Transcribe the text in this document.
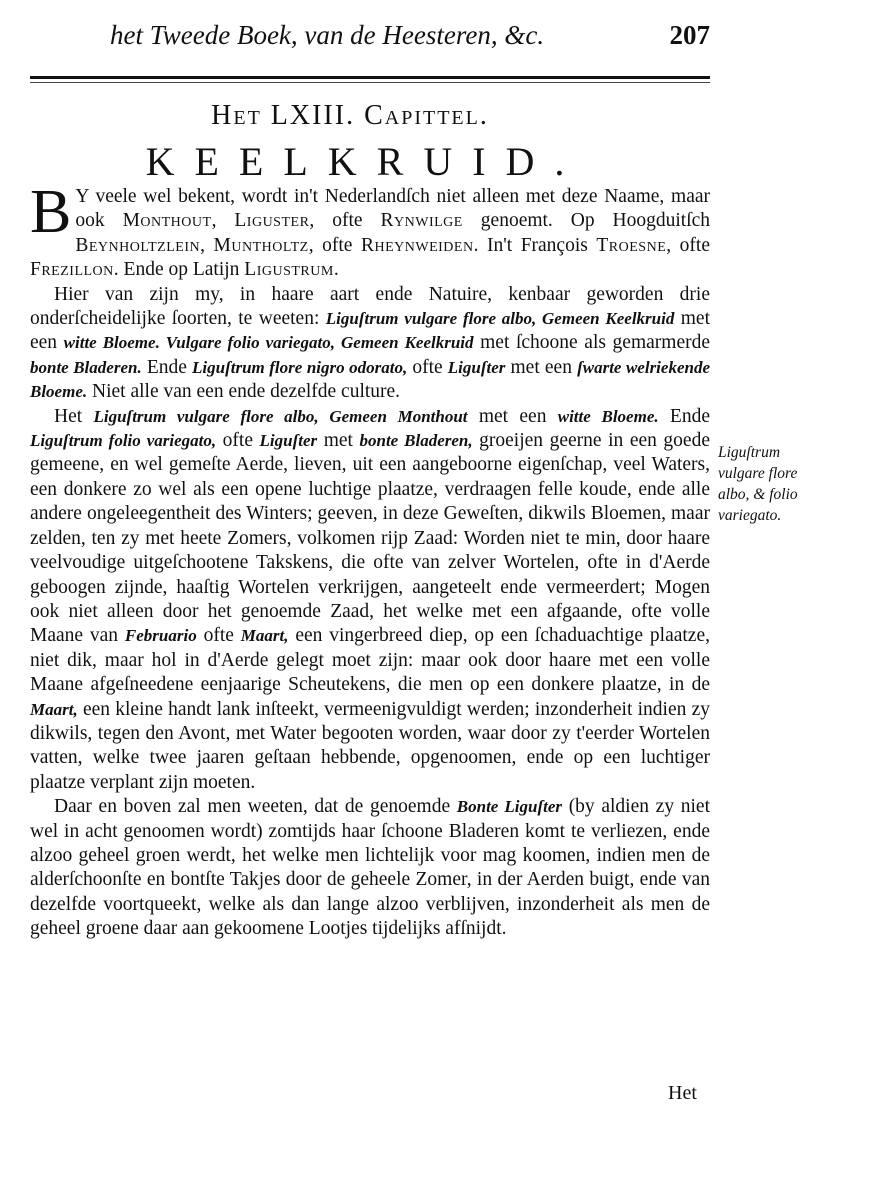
het Tweede Boek, van de Heesteren, &c.	207
Het LXIII. Capittel.
KEELKRUID.

B Y veele wel bekent, wordt in't Nederlandſch niet alleen met deze Naame, maar ook Monthout, Liguster, ofte Rynwilge genoemt. Op Hoogduitſch Beynholtzlein, Muntholtz, ofte Rheynweiden. In't François Troesne, ofte Frezillon. Ende op Latijn Ligustrum.

Hier van zijn my, in haare aart ende Natuire, kenbaar geworden drie onderſcheidelijke ſoorten, te weeten: Liguſtrum vulgare flore albo, Gemeen Keelkruid met een witte Bloeme. Vulgare folio variegato, Gemeen Keelkruid met ſchoone als gemarmerde bonte Bladeren. Ende Liguſtrum flore nigro odorato, ofte Liguſter met een ſwarte welriekende Bloeme. Niet alle van een ende dezelfde culture.

Het Liguſtrum vulgare flore albo, Gemeen Monthout met een witte Bloeme. Ende Liguſtrum folio variegato, ofte Liguſter met bonte Bladeren, groeijen geerne in een goede gemeene, en wel gemeſte Aerde, lieven, uit een aangeboorne eigenſchap, veel Waters, een donkere zo wel als een opene luchtige plaatze, verdraagen felle koude, ende alle andere ongeleegentheit des Winters; geeven, in deze Geweſten, dikwils Bloemen, maar zelden, ten zy met heete Zomers, volkomen rijp Zaad: Worden niet te min, door haare veelvoudige uitgeſchootene Takskens, die ofte van zelver Wortelen, ofte in d'Aerde geboogen zijnde, haaſtig Wortelen verkrijgen, aangeteelt ende vermeerdert; Mogen ook niet alleen door het genoemde Zaad, het welke met een afgaande, ofte volle Maane van Februario ofte Maart, een vingerbreed diep, op een ſchaduachtige plaatze, niet dik, maar hol in d'Aerde gelegt moet zijn: maar ook door haare met een volle Maane afgeſneedene eenjaarige Scheutekens, die men op een donkere plaatze, in de Maart, een kleine handt lank inſteekt, vermeenigvuldigt werden; inzonderheit indien zy dikwils, tegen den Avont, met Water begooten worden, waar door zy t'eerder Wortelen vatten, welke twee jaaren geſtaan hebbende, opgenoomen, ende op een luchtiger plaatze verplant zijn moeten.

Daar en boven zal men weeten, dat de genoemde Bonte Liguſter (by aldien zy niet wel in acht genoomen wordt) zomtijds haar ſchoone Bladeren komt te verliezen, ende alzoo geheel groen werdt, het welke men lichtelijk voor mag koomen, indien men de alderſchoonſte en bontſte Takjes door de geheele Zomer, in der Aerden buigt, ende van dezelfde voortqueekt, welke als dan lange alzoo verblijven, inzonderheit als men de geheel groene daar aan gekoomene Lootjes tijdelijks afſnijdt.

Liguſtrum vulgare flore albo, & folio variegato.
Het
